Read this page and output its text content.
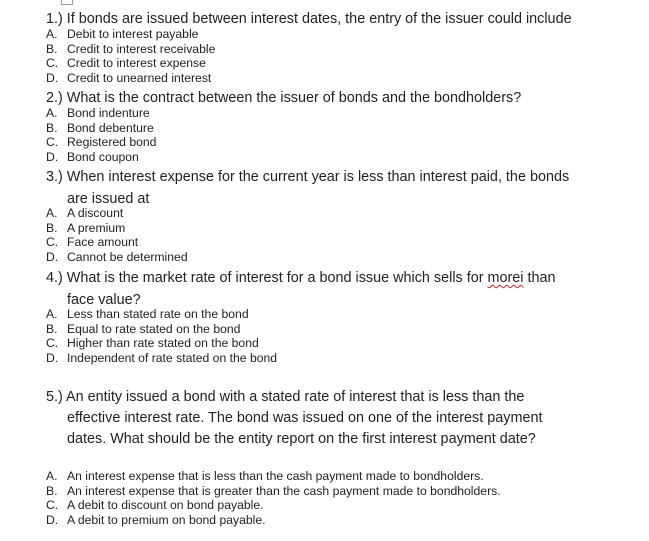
1.) If bonds are issued between interest dates, the entry of the issuer could include

A. Debit to interest payable
B. Credit to interest receivable
C. Credit to interest expense
D. Credit to unearned interest

2.) What is the contract between the issuer of bonds and the bondholders?

A. Bond indenture
B. Bond debenture
C. Registered bond
D. Bond coupon

3.) When interest expense for the current year is less than interest paid, the bonds
are issued at

A. A discount
B. A premium
C. Face amount
D. Cannot be determined

4.) What is the market rate of interest for a bond issue which sells for morei than
face value?

A. Less than stated rate on the bond
B. Equal to rate stated on the bond
C. Higher than rate stated on the bond
D. Independent of rate stated on the bond

5.) An entity issued a bond with a stated rate of interest that is less than the
effective interest rate. The bond was issued on one of the interest payment
dates. What should be the entity report on the first interest payment date?

A. An interest expense that is less than the cash payment made to bondholders.
B. An interest expense that is greater than the cash payment made to bondholders.
C. A debit to discount on bond payable.
D. A debit to premium on bond payable.
